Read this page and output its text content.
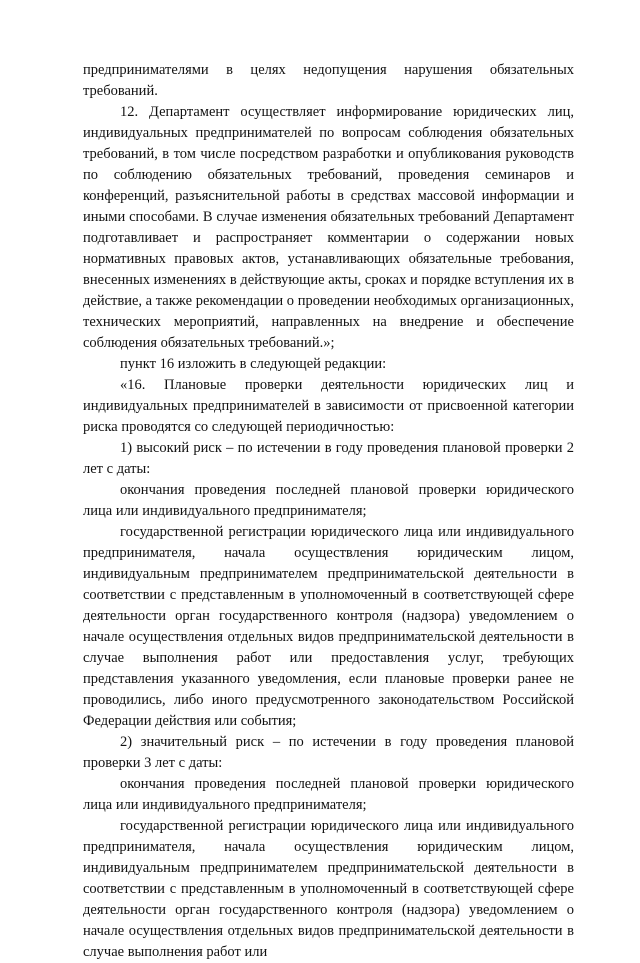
предпринимателями в целях недопущения нарушения обязательных требований.

12. Департамент осуществляет информирование юридических лиц, индивидуальных предпринимателей по вопросам соблюдения обязательных требований, в том числе посредством разработки и опубликования руководств по соблюдению обязательных требований, проведения семинаров и конференций, разъяснительной работы в средствах массовой информации и иными способами. В случае изменения обязательных требований Департамент подготавливает и распространяет комментарии о содержании новых нормативных правовых актов, устанавливающих обязательные требования, внесенных изменениях в действующие акты, сроках и порядке вступления их в действие, а также рекомендации о проведении необходимых организационных, технических мероприятий, направленных на внедрение и обеспечение соблюдения обязательных требований.»;

пункт 16 изложить в следующей редакции:

«16. Плановые проверки деятельности юридических лиц и индивидуальных предпринимателей в зависимости от присвоенной категории риска проводятся со следующей периодичностью:

1) высокий риск – по истечении в году проведения плановой проверки 2 лет с даты:

окончания проведения последней плановой проверки юридического лица или индивидуального предпринимателя;

государственной регистрации юридического лица или индивидуального предпринимателя, начала осуществления юридическим лицом, индивидуальным предпринимателем предпринимательской деятельности в соответствии с представленным в уполномоченный в соответствующей сфере деятельности орган государственного контроля (надзора) уведомлением о начале осуществления отдельных видов предпринимательской деятельности в случае выполнения работ или предоставления услуг, требующих представления указанного уведомления, если плановые проверки ранее не проводились, либо иного предусмотренного законодательством Российской Федерации действия или события;

2) значительный риск – по истечении в году проведения плановой проверки 3 лет с даты:

окончания проведения последней плановой проверки юридического лица или индивидуального предпринимателя;

государственной регистрации юридического лица или индивидуального предпринимателя, начала осуществления юридическим лицом, индивидуальным предпринимателем предпринимательской деятельности в соответствии с представленным в уполномоченный в соответствующей сфере деятельности орган государственного контроля (надзора) уведомлением о начале осуществления отдельных видов предпринимательской деятельности в случае выполнения работ или
